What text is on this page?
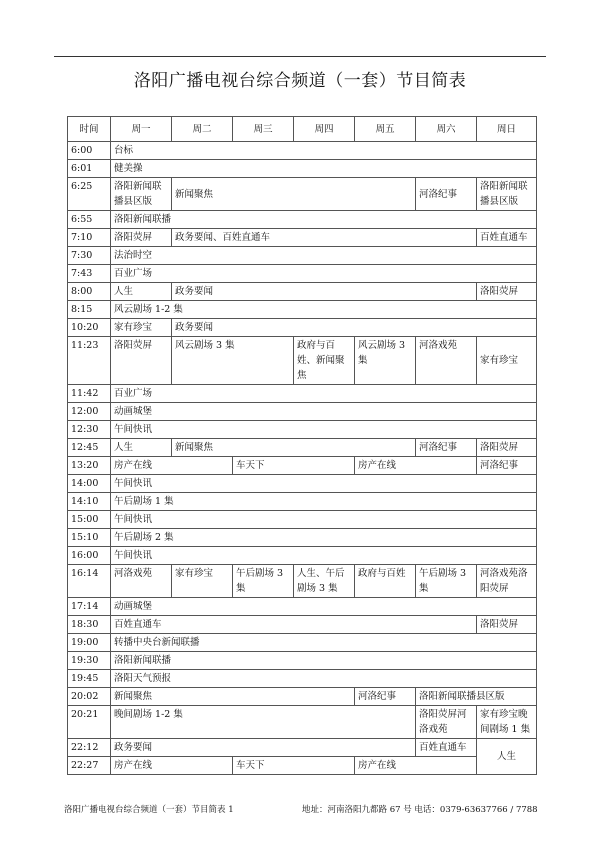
洛阳广播电视台综合频道（一套）节目简表
时间	周一	周二	周三	周四	周五	周六	周日
6:00	台标						
6:01	健美操						
6:25	洛阳新闻联播县区版	新闻聚焦				河洛纪事	洛阳新闻联播县区版
6:55	洛阳新闻联播						
7:10	洛阳荧屏	政务要闻、百姓直通车					百姓直通车
7:30	法治时空						
7:43	百业广场						
8:00	人生	政务要闻					洛阳荧屏
8:15	风云剧场 1-2 集						
10:20	家有珍宝	政务要闻					
11:23	洛阳荧屏	风云剧场 3 集		政府与百姓、新闻聚焦	风云剧场 3 集	河洛戏苑	家有珍宝
11:42	百业广场						
12:00	动画城堡						
12:30	午间快讯						
12:45	人生	新闻聚焦				河洛纪事	洛阳荧屏
13:20	房产在线		车天下		房产在线		河洛纪事
14:00	午间快讯						
14:10	午后剧场 1 集						
15:00	午间快讯						
15:10	午后剧场 2 集						
16:00	午间快讯						
16:14	河洛戏苑	家有珍宝	午后剧场 3 集	人生、午后剧场 3 集	政府与百姓	午后剧场 3 集	河洛戏苑洛阳荧屏
17:14	动画城堡						
18:30	百姓直通车						洛阳荧屏
19:00	转播中央台新闻联播						
19:30	洛阳新闻联播						
19:45	洛阳天气预报						
20:02	新闻聚焦				河洛纪事	洛阳新闻联播县区版	
20:21	晚间剧场 1-2 集					洛阳荧屏河洛戏苑	家有珍宝晚间剧场 1 集
22:12	政务要闻					百姓直通车	人生
22:27	房产在线		车天下		房产在线		
洛阳广播电视台综合频道（一套）节目简表 1	地址：河南洛阳九都路 67 号 电话：0379-63637766 / 7788
